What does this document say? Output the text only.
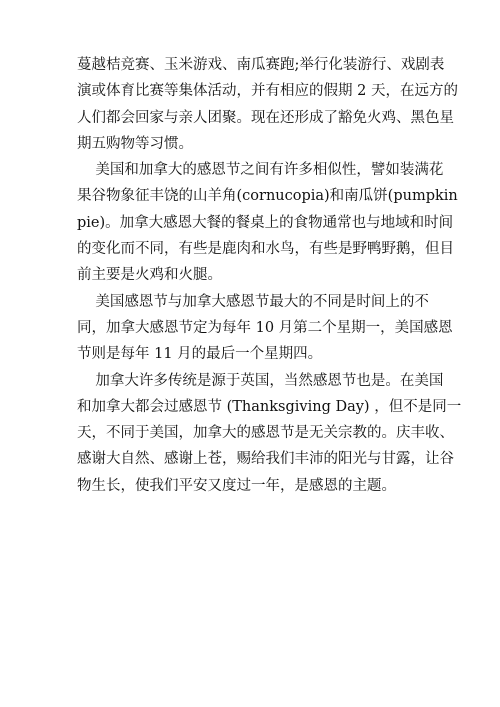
蔓越桔竞赛、玉米游戏、南瓜赛跑;举行化装游行、戏剧表
演或体育比赛等集体活动，并有相应的假期 2 天，在远方的
人们都会回家与亲人团聚。现在还形成了豁免火鸡、黑色星
期五购物等习惯。
美国和加拿大的感恩节之间有许多相似性，譬如装满花
果谷物象征丰饶的山羊角(cornucopia)和南瓜饼(pumpkin
pie)。加拿大感恩大餐的餐桌上的食物通常也与地域和时间
的变化而不同，有些是鹿肉和水鸟，有些是野鸭野鹅，但目
前主要是火鸡和火腿。
美国感恩节与加拿大感恩节最大的不同是时间上的不
同，加拿大感恩节定为每年 10 月第二个星期一，美国感恩
节则是每年 11 月的最后一个星期四。
加拿大许多传统是源于英国，当然感恩节也是。在美国
和加拿大都会过感恩节 (Thanksgiving Day) ，但不是同一
天，不同于美国，加拿大的感恩节是无关宗教的。庆丰收、
感谢大自然、感谢上苍，赐给我们丰沛的阳光与甘露，让谷
物生长，使我们平安又度过一年，是感恩的主题。
